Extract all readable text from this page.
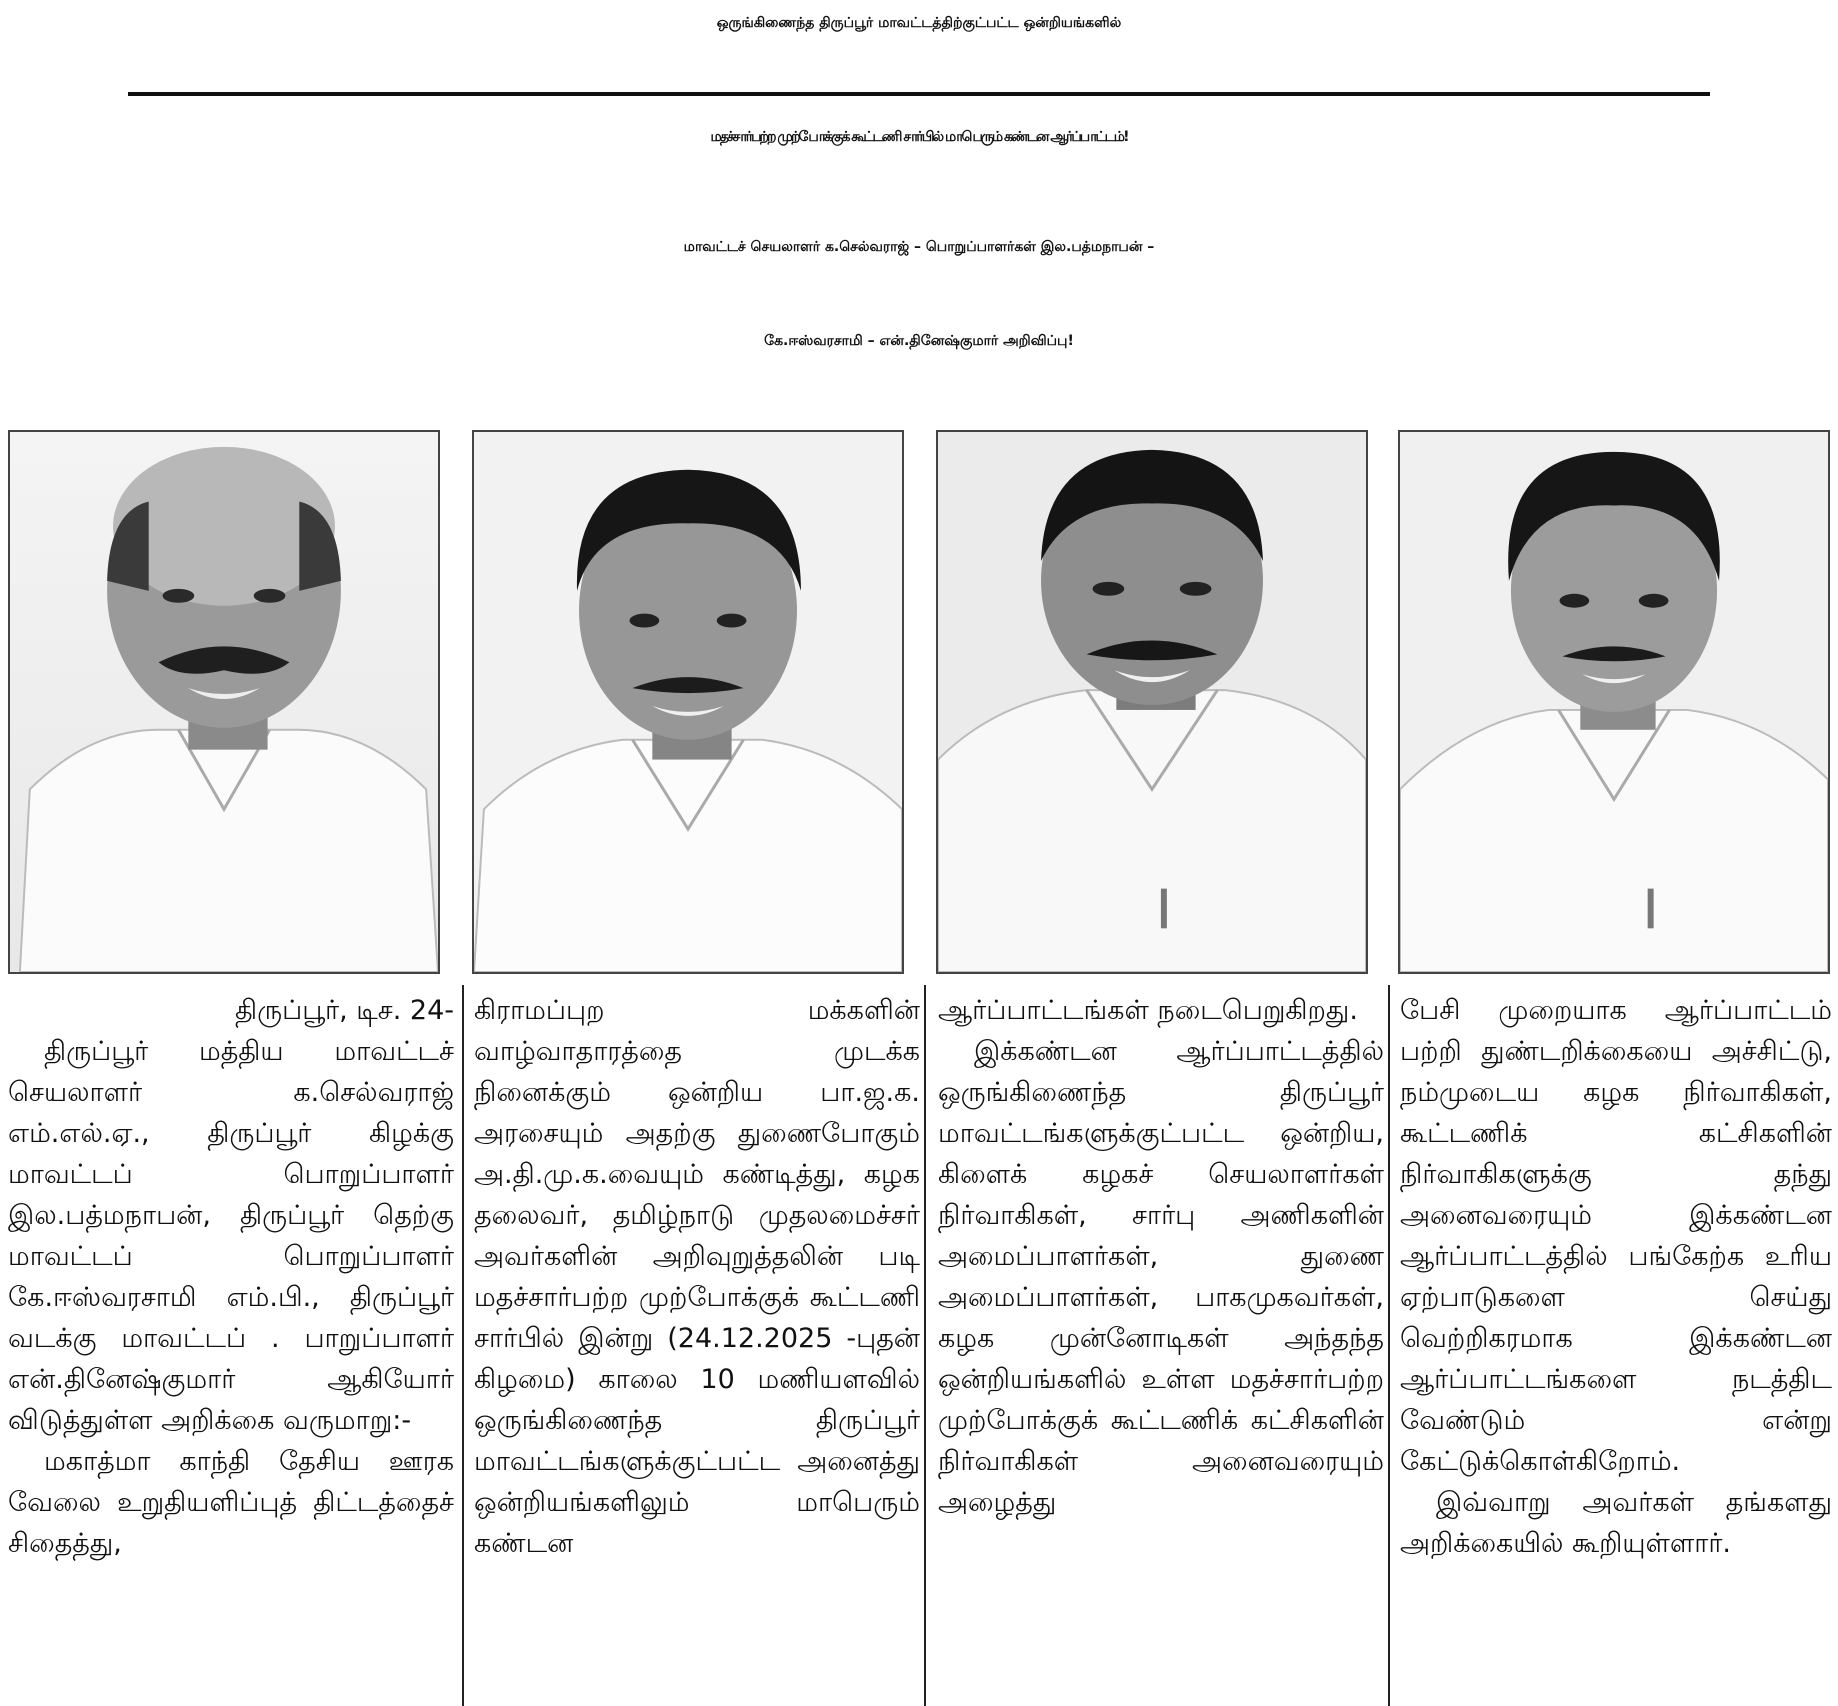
ஒருங்கிணைந்த திருப்பூர் மாவட்டத்திற்குட்பட்ட ஒன்றியங்களில்
மதச்சார்பற்ற முற்போக்குக் கூட்டணி சார்பில் மாபெரும் கண்டன ஆர்ப்பாட்டம்!
மாவட்டச் செயலாளர் க.செல்வராஜ் – பொறுப்பாளர்கள் இல.பத்மநாபன் –
கே.ஈஸ்வரசாமி – என்.தினேஷ்குமார் அறிவிப்பு!

திருப்பூர், டிச. 24-

திருப்பூர் மத்திய மாவட்டச் செயலாளர் க.செல்வராஜ் எம்.எல்.ஏ., திருப்பூர் கிழக்கு மாவட்டப் பொறுப்பாளர் இல.பத்மநாபன், திருப்பூர் தெற்கு மாவட்டப் பொறுப்பாளர் கே.ஈஸ்வரசாமி எம்.பி., திருப்பூர் வடக்கு மாவட்டப் . பாறுப்பாளர் என்.தினேஷ்குமார் ஆகியோர் விடுத்துள்ள அறிக்கை வருமாறு:-

மகாத்மா காந்தி தேசிய ஊரக வேலை உறுதியளிப்புத் திட்டத்தைச் சிதைத்து,

கிராமப்புற மக்களின் வாழ்வாதாரத்தை முடக்க நினைக்கும் ஒன்றிய பா.ஜ.க. அரசையும் அதற்கு துணைபோகும் அ.தி.மு.க.வையும் கண்டித்து, கழக தலைவர், தமிழ்நாடு முதலமைச்சர் அவர்களின் அறிவுறுத்தலின் படி மதச்சார்பற்ற முற்போக்குக் கூட்டணி சார்பில் இன்று (24.12.2025 -புதன் கிழமை) காலை 10 மணியளவில் ஒருங்கிணைந்த திருப்பூர் மாவட்டங்களுக்குட்பட்ட அனைத்து ஒன்றியங்களிலும் மாபெரும் கண்டன

ஆர்ப்பாட்டங்கள் நடைபெறுகிறது.

இக்கண்டன ஆர்ப்பாட்டத்தில் ஒருங்கிணைந்த திருப்பூர் மாவட்டங்களுக்குட்பட்ட ஒன்றிய, கிளைக் கழகச் செயலாளர்கள் நிர்வாகிகள், சார்பு அணிகளின் அமைப்பாளர்கள், துணை அமைப்பாளர்கள், பாகமுகவர்கள், கழக முன்னோடிகள் அந்தந்த ஒன்றியங்களில் உள்ள மதச்சார்பற்ற முற்போக்குக் கூட்டணிக் கட்சிகளின் நிர்வாகிகள் அனைவரையும் அழைத்து

பேசி முறையாக ஆர்ப்பாட்டம் பற்றி துண்டறிக்கையை அச்சிட்டு, நம்முடைய கழக நிர்வாகிகள், கூட்டணிக் கட்சிகளின் நிர்வாகிகளுக்கு தந்து அனைவரையும் இக்கண்டன ஆர்ப்பாட்டத்தில் பங்கேற்க உரிய ஏற்பாடுகளை செய்து வெற்றிகரமாக இக்கண்டன ஆர்ப்பாட்டங்களை நடத்திட வேண்டும் என்று கேட்டுக்கொள்கிறோம்.

இவ்வாறு அவர்கள் தங்களது அறிக்கையில் கூறியுள்ளார்.
